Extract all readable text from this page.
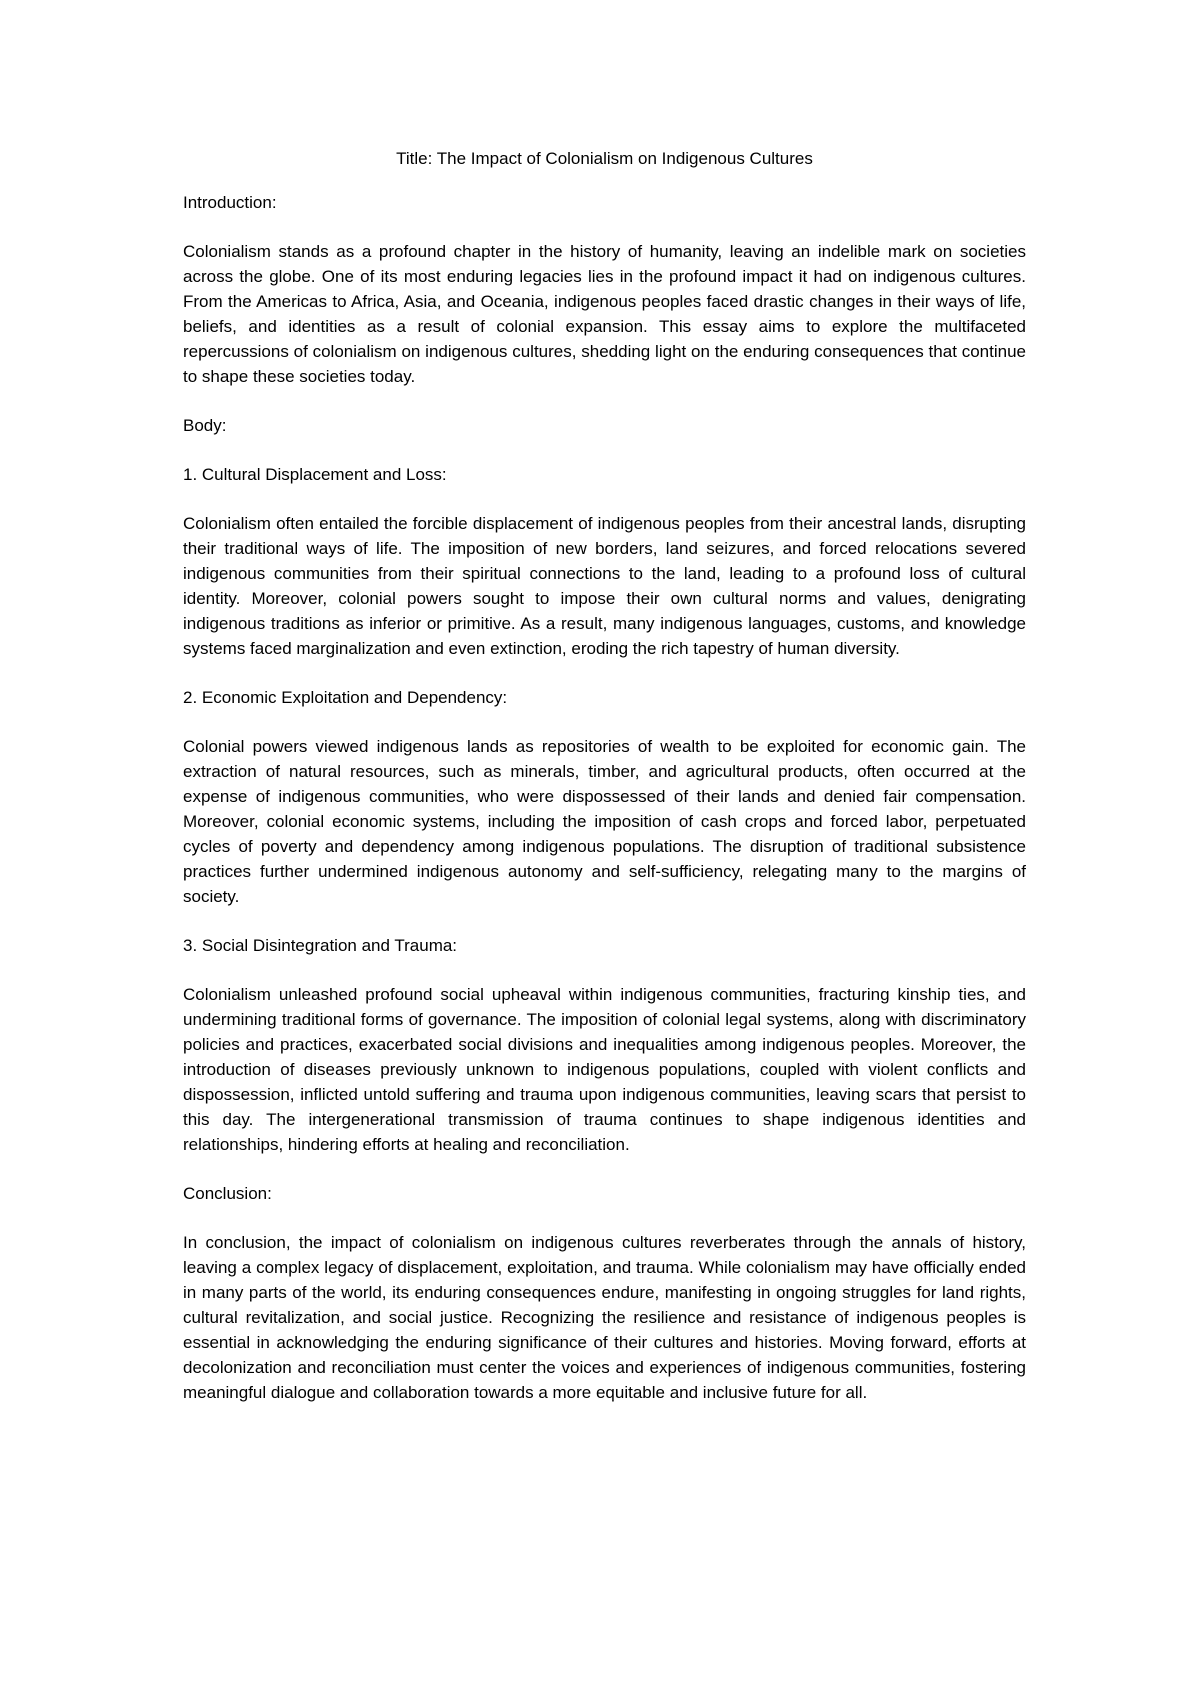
Title: The Impact of Colonialism on Indigenous Cultures
Introduction:
Colonialism stands as a profound chapter in the history of humanity, leaving an indelible mark on societies across the globe. One of its most enduring legacies lies in the profound impact it had on indigenous cultures. From the Americas to Africa, Asia, and Oceania, indigenous peoples faced drastic changes in their ways of life, beliefs, and identities as a result of colonial expansion. This essay aims to explore the multifaceted repercussions of colonialism on indigenous cultures, shedding light on the enduring consequences that continue to shape these societies today.
Body:
1. Cultural Displacement and Loss:
Colonialism often entailed the forcible displacement of indigenous peoples from their ancestral lands, disrupting their traditional ways of life. The imposition of new borders, land seizures, and forced relocations severed indigenous communities from their spiritual connections to the land, leading to a profound loss of cultural identity. Moreover, colonial powers sought to impose their own cultural norms and values, denigrating indigenous traditions as inferior or primitive. As a result, many indigenous languages, customs, and knowledge systems faced marginalization and even extinction, eroding the rich tapestry of human diversity.
2. Economic Exploitation and Dependency:
Colonial powers viewed indigenous lands as repositories of wealth to be exploited for economic gain. The extraction of natural resources, such as minerals, timber, and agricultural products, often occurred at the expense of indigenous communities, who were dispossessed of their lands and denied fair compensation. Moreover, colonial economic systems, including the imposition of cash crops and forced labor, perpetuated cycles of poverty and dependency among indigenous populations. The disruption of traditional subsistence practices further undermined indigenous autonomy and self-sufficiency, relegating many to the margins of society.
3. Social Disintegration and Trauma:
Colonialism unleashed profound social upheaval within indigenous communities, fracturing kinship ties, and undermining traditional forms of governance. The imposition of colonial legal systems, along with discriminatory policies and practices, exacerbated social divisions and inequalities among indigenous peoples. Moreover, the introduction of diseases previously unknown to indigenous populations, coupled with violent conflicts and dispossession, inflicted untold suffering and trauma upon indigenous communities, leaving scars that persist to this day. The intergenerational transmission of trauma continues to shape indigenous identities and relationships, hindering efforts at healing and reconciliation.
Conclusion:
In conclusion, the impact of colonialism on indigenous cultures reverberates through the annals of history, leaving a complex legacy of displacement, exploitation, and trauma. While colonialism may have officially ended in many parts of the world, its enduring consequences endure, manifesting in ongoing struggles for land rights, cultural revitalization, and social justice. Recognizing the resilience and resistance of indigenous peoples is essential in acknowledging the enduring significance of their cultures and histories. Moving forward, efforts at decolonization and reconciliation must center the voices and experiences of indigenous communities, fostering meaningful dialogue and collaboration towards a more equitable and inclusive future for all.
